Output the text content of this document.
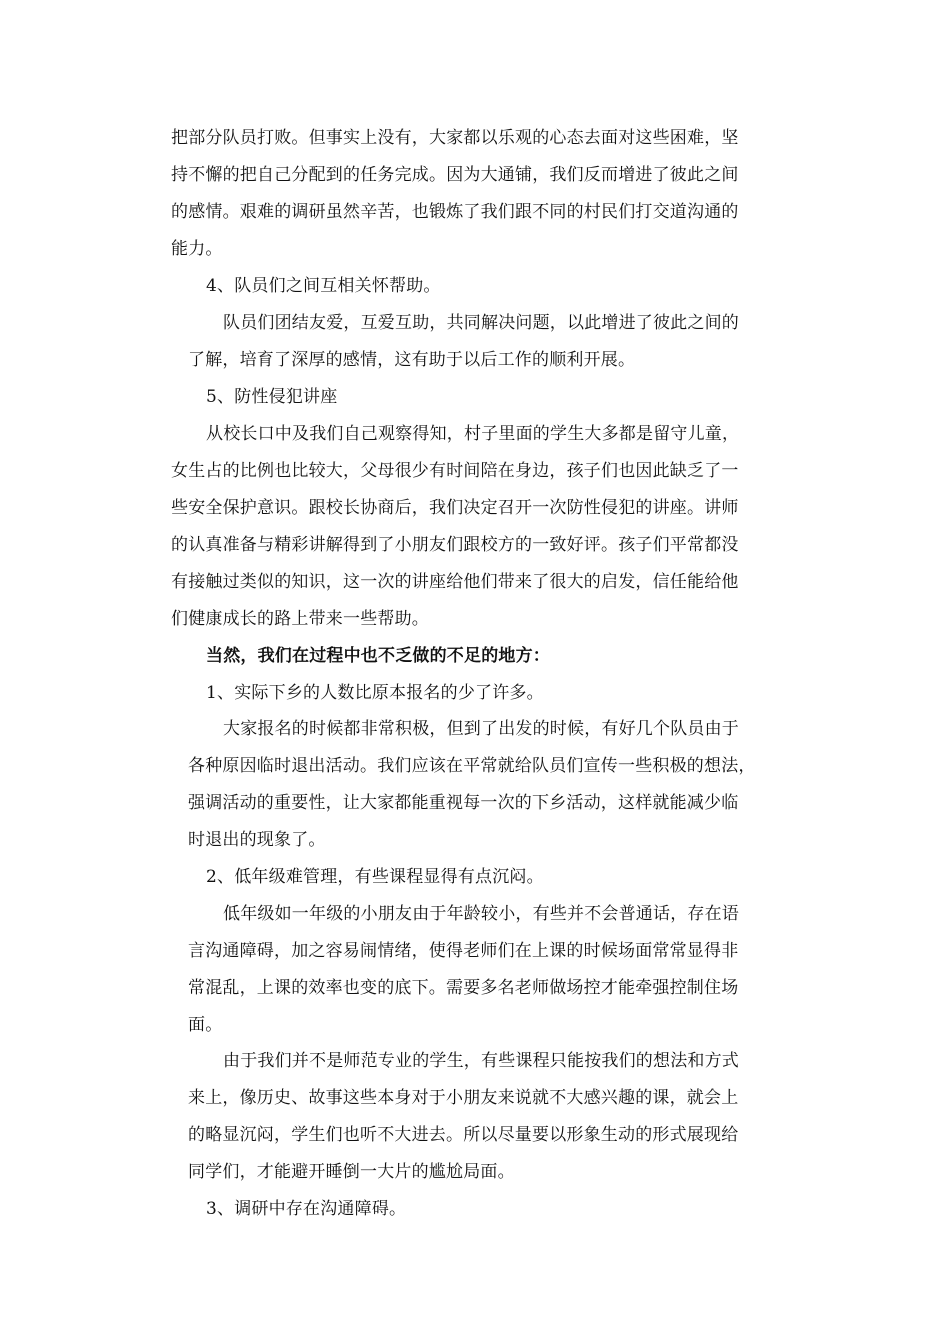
把部分队员打败。但事实上没有，大家都以乐观的心态去面对这些困难，坚
持不懈的把自己分配到的任务完成。因为大通铺，我们反而增进了彼此之间
的感情。艰难的调研虽然辛苦，也锻炼了我们跟不同的村民们打交道沟通的
能力。
4、队员们之间互相关怀帮助。
队员们团结友爱，互爱互助，共同解决问题，以此增进了彼此之间的
了解，培育了深厚的感情，这有助于以后工作的顺利开展。
5、防性侵犯讲座
从校长口中及我们自己观察得知，村子里面的学生大多都是留守儿童，
女生占的比例也比较大，父母很少有时间陪在身边，孩子们也因此缺乏了一
些安全保护意识。跟校长协商后，我们决定召开一次防性侵犯的讲座。讲师
的认真准备与精彩讲解得到了小朋友们跟校方的一致好评。孩子们平常都没
有接触过类似的知识，这一次的讲座给他们带来了很大的启发，信任能给他
们健康成长的路上带来一些帮助。
当然，我们在过程中也不乏做的不足的地方：
1、实际下乡的人数比原本报名的少了许多。
大家报名的时候都非常积极，但到了出发的时候，有好几个队员由于
各种原因临时退出活动。我们应该在平常就给队员们宣传一些积极的想法，
强调活动的重要性，让大家都能重视每一次的下乡活动，这样就能减少临
时退出的现象了。
2、低年级难管理，有些课程显得有点沉闷。
低年级如一年级的小朋友由于年龄较小，有些并不会普通话，存在语
言沟通障碍，加之容易闹情绪，使得老师们在上课的时候场面常常显得非
常混乱，上课的效率也变的底下。需要多名老师做场控才能牵强控制住场
面。
由于我们并不是师范专业的学生，有些课程只能按我们的想法和方式
来上，像历史、故事这些本身对于小朋友来说就不大感兴趣的课，就会上
的略显沉闷，学生们也听不大进去。所以尽量要以形象生动的形式展现给
同学们，才能避开睡倒一大片的尴尬局面。
3、调研中存在沟通障碍。
